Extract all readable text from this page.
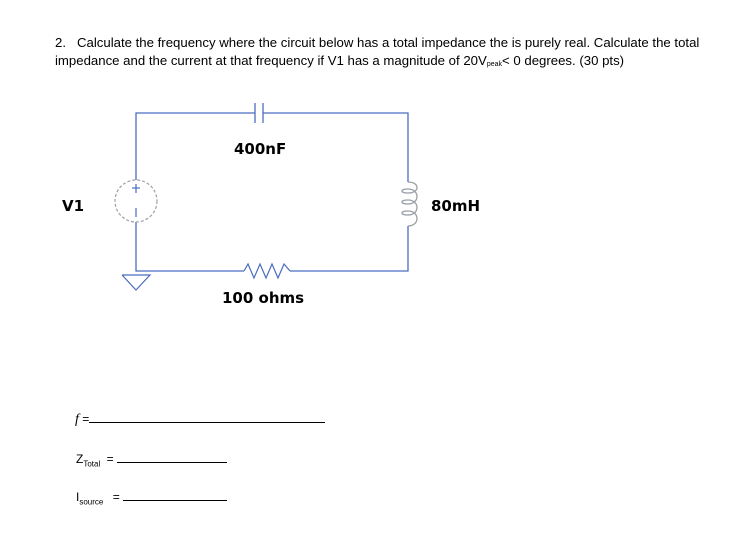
2. Calculate the frequency where the circuit below has a total impedance the is purely real. Calculate the total impedance and the current at that frequency if V1 has a magnitude of $20V_{peak}< 0$ degrees. (30 pts)
400nF
V1	80mH
100 ohms
f =
$Z_{Total}$ =
$I_{source}$ =
